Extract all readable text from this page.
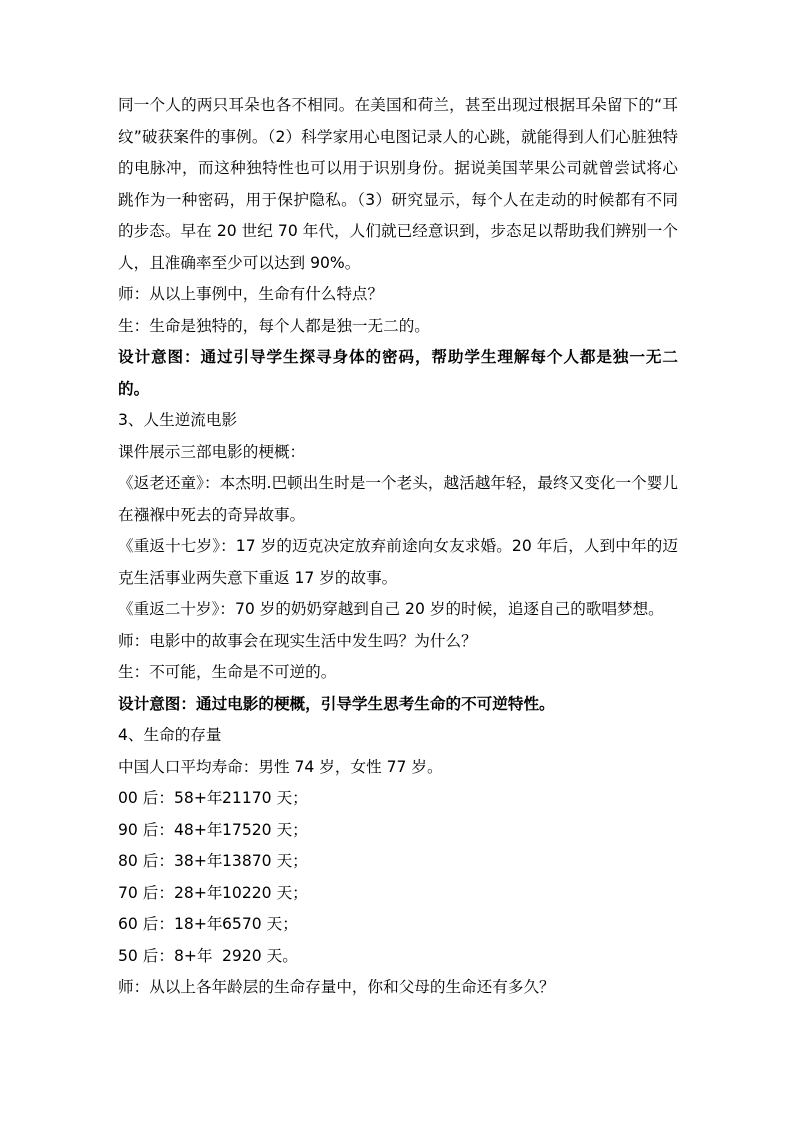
同一个人的两只耳朵也各不相同。在美国和荷兰，甚至出现过根据耳朵留下的“耳纹”破获案件的事例。（2）科学家用心电图记录人的心跳，就能得到人们心脏独特的电脉冲，而这种独特性也可以用于识别身份。据说美国苹果公司就曾尝试将心跳作为一种密码，用于保护隐私。（3）研究显示，每个人在走动的时候都有不同的步态。早在 20 世纪 70 年代，人们就已经意识到，步态足以帮助我们辨别一个人，且准确率至少可以达到 90%。

师：从以上事例中，生命有什么特点？

生：生命是独特的，每个人都是独一无二的。

设计意图：通过引导学生探寻身体的密码，帮助学生理解每个人都是独一无二的。

3、人生逆流电影

课件展示三部电影的梗概：

《返老还童》：本杰明.巴顿出生时是一个老头，越活越年轻，最终又变化一个婴儿在襁褓中死去的奇异故事。

《重返十七岁》：17 岁的迈克决定放弃前途向女友求婚。20 年后，人到中年的迈克生活事业两失意下重返 17 岁的故事。

《重返二十岁》：70 岁的奶奶穿越到自己 20 岁的时候，追逐自己的歌唱梦想。

师：电影中的故事会在现实生活中发生吗？为什么？

生：不可能，生命是不可逆的。

设计意图：通过电影的梗概，引导学生思考生命的不可逆特性。

4、生命的存量

中国人口平均寿命：男性 74 岁，女性 77 岁。

00 后：58+年 21170 天；
90 后：48+年 17520 天；
80 后：38+年 13870 天；
70 后：28+年 10220 天；
60 后：18+年 6570 天；
50 后：8+年 2920 天。

师：从以上各年龄层的生命存量中，你和父母的生命还有多久？
